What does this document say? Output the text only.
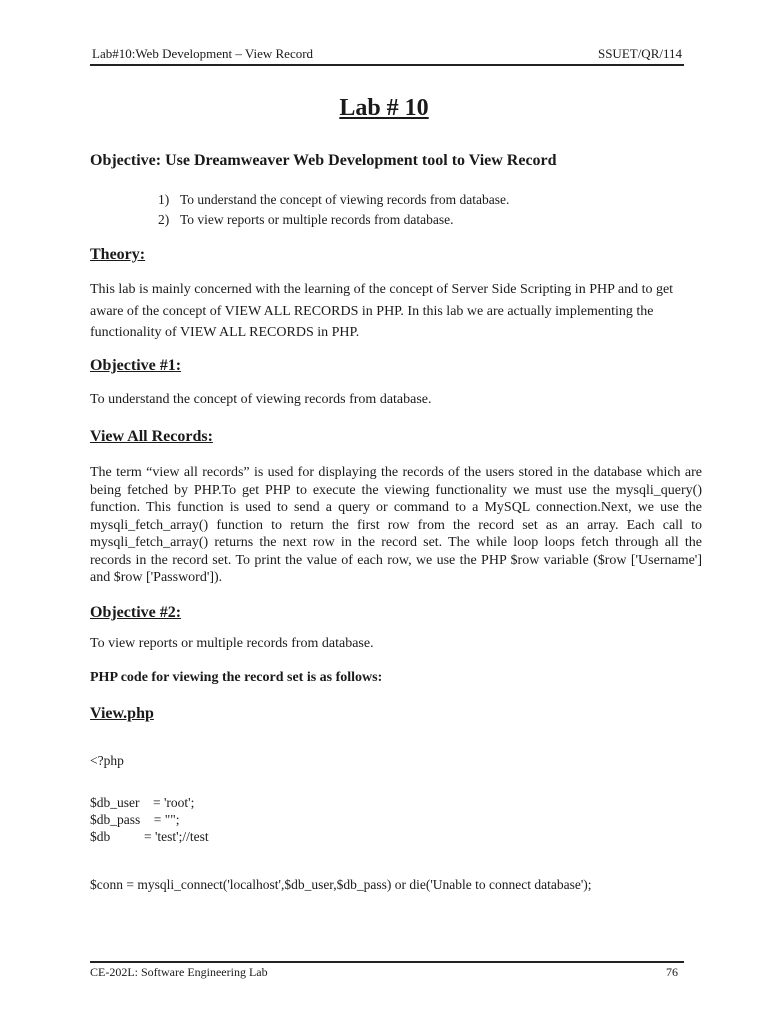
Lab#10:Web Development – View Record	SSUET/QR/114
Lab # 10
Objective: Use Dreamweaver Web Development tool to View Record
1) To understand the concept of viewing records from database.
2) To view reports or multiple records from database.
Theory:
This lab is mainly concerned with the learning of the concept of Server Side Scripting in PHP and to get aware of the concept of VIEW ALL RECORDS in PHP. In this lab we are actually implementing the functionality of VIEW ALL RECORDS in PHP.
Objective #1:
To understand the concept of viewing records from database.
View All Records:
The term “view all records” is used for displaying the records of the users stored in the database which are being fetched by PHP.To get PHP to execute the viewing functionality we must use the mysqli_query() function. This function is used to send a query or command to a MySQL connection.Next, we use the mysqli_fetch_array() function to return the first row from the record set as an array. Each call to mysqli_fetch_array() returns the next row in the record set. The while loop loops fetch through all the records in the record set. To print the value of each row, we use the PHP $row variable ($row ['Username'] and $row ['Password']).
Objective #2:
To view reports or multiple records from database.
PHP code for viewing the record set is as follows:
View.php
<?php
$db_user    = 'root';
$db_pass    = "";
$db          = 'test';//test
$conn = mysqli_connect('localhost',$db_user,$db_pass) or die('Unable to connect database');
CE-202L: Software Engineering Lab	76
